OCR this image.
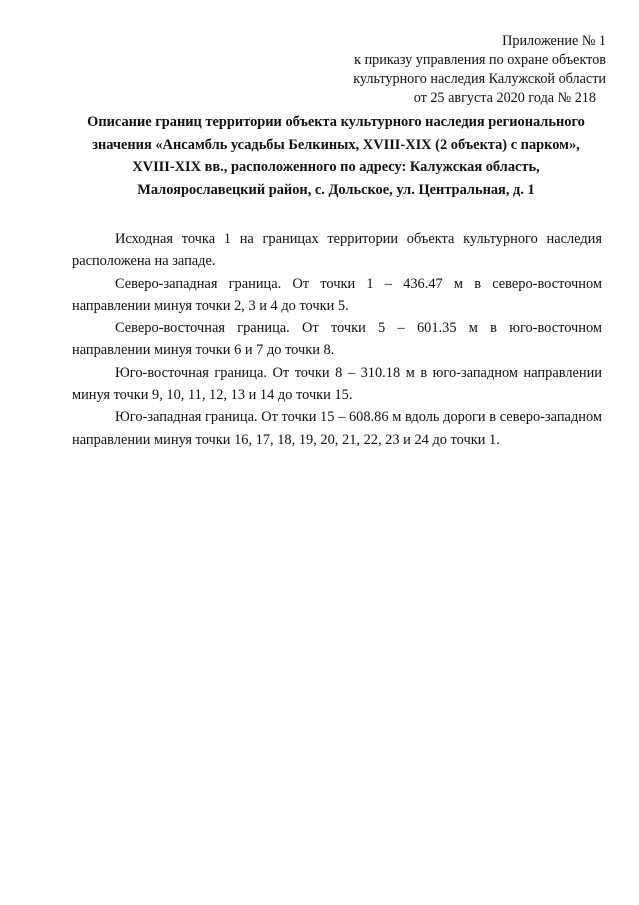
Приложение № 1
к приказу управления по охране объектов
культурного наследия Калужской области
от 25 августа 2020 года № 218
Описание границ территории объекта культурного наследия регионального значения «Ансамбль усадьбы Белкиных, XVIII-XIX (2 объекта) с парком», XVIII-XIX вв., расположенного по адресу: Калужская область, Малоярославецкий район, с. Дольское, ул. Центральная, д. 1

Исходная точка 1 на границах территории объекта культурного наследия расположена на западе.

Северо-западная граница. От точки 1 – 436.47 м в северо-восточном направлении минуя точки 2, 3 и 4 до точки 5.

Северо-восточная граница. От точки 5 – 601.35 м в юго-восточном направлении минуя точки 6 и 7 до точки 8.

Юго-восточная граница. От точки 8 – 310.18 м в юго-западном направлении минуя точки 9, 10, 11, 12, 13 и 14 до точки 15.

Юго-западная граница. От точки 15 – 608.86 м вдоль дороги в северо-западном направлении минуя точки 16, 17, 18, 19, 20, 21, 22, 23 и 24 до точки 1.
